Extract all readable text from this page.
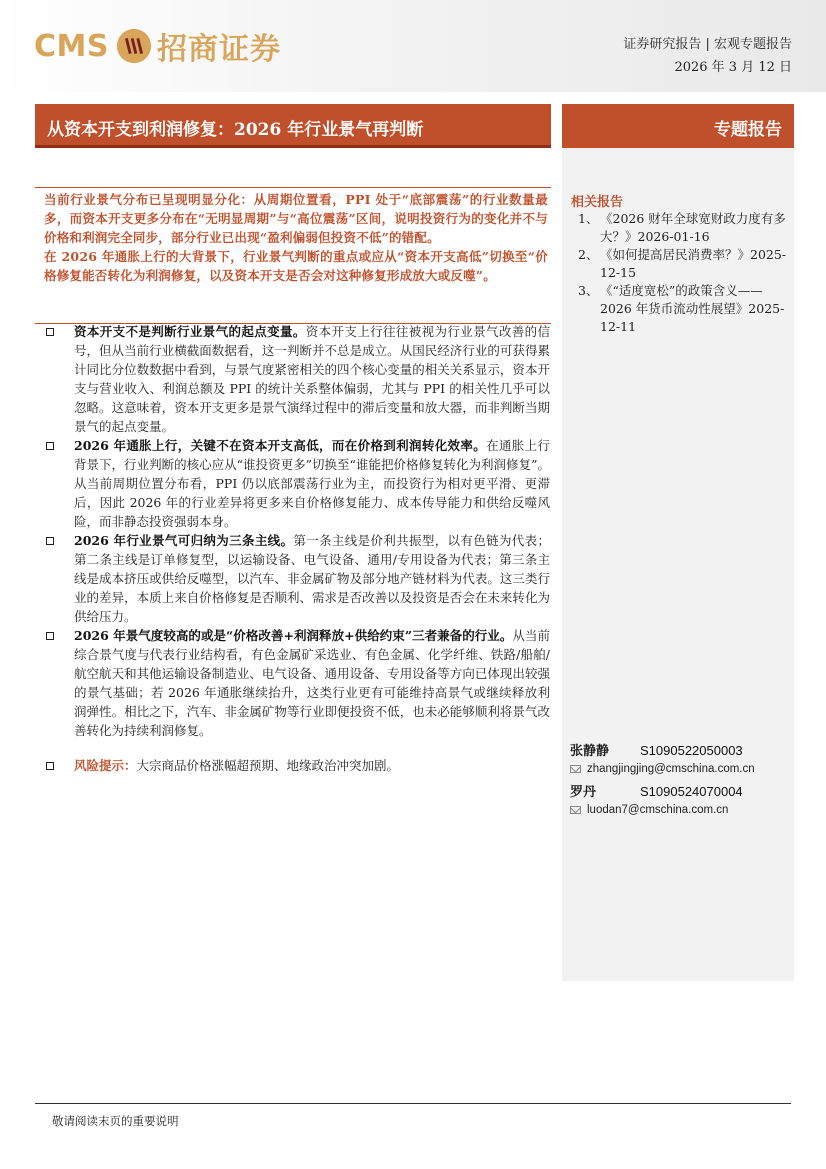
CMS 招商证券	证券研究报告 | 宏观专题报告
2026 年 3 月 12 日
从资本开支到利润修复：2026 年行业景气再判断	专题报告

当前行业景气分布已呈现明显分化：从周期位置看，PPI 处于“底部震荡”的行业数量最多，而资本开支更多分布在“无明显周期”与“高位震荡”区间，说明投资行为的变化并不与价格和利润完全同步，部分行业已出现“盈利偏弱但投资不低”的错配。

在 2026 年通胀上行的大背景下，行业景气判断的重点或应从“资本开支高低”切换至“价格修复能否转化为利润修复，以及资本开支是否会对这种修复形成放大或反噬”。

资本开支不是判断行业景气的起点变量。资本开支上行往往被视为行业景气改善的信号，但从当前行业横截面数据看，这一判断并不总是成立。从国民经济行业的可获得累计同比分位数数据中看到，与景气度紧密相关的四个核心变量的相关关系显示，资本开支与营业收入、利润总额及 PPI 的统计关系整体偏弱，尤其与 PPI 的相关性几乎可以忽略。这意味着，资本开支更多是景气演绎过程中的滞后变量和放大器，而非判断当期景气的起点变量。
2026 年通胀上行，关键不在资本开支高低，而在价格到利润转化效率。在通胀上行背景下，行业判断的核心应从“谁投资更多”切换至“谁能把价格修复转化为利润修复”。从当前周期位置分布看，PPI 仍以底部震荡行业为主，而投资行为相对更平滑、更滞后，因此 2026 年的行业差异将更多来自价格修复能力、成本传导能力和供给反噬风险，而非静态投资强弱本身。
2026 年行业景气可归纳为三条主线。第一条主线是价利共振型，以有色链为代表；第二条主线是订单修复型，以运输设备、电气设备、通用/专用设备为代表；第三条主线是成本挤压或供给反噬型，以汽车、非金属矿物及部分地产链材料为代表。这三类行业的差异，本质上来自价格修复是否顺利、需求是否改善以及投资是否会在未来转化为供给压力。
2026 年景气度较高的或是“价格改善+利润释放+供给约束”三者兼备的行业。从当前综合景气度与代表行业结构看，有色金属矿采选业、有色金属、化学纤维、铁路/船舶/航空航天和其他运输设备制造业、电气设备、通用设备、专用设备等方向已体现出较强的景气基础；若 2026 年通胀继续抬升，这类行业更有可能维持高景气或继续释放利润弹性。相比之下，汽车、非金属矿物等行业即便投资不低，也未必能够顺利将景气改善转化为持续利润修复。
风险提示：大宗商品价格涨幅超预期、地缘政治冲突加剧。
相关报告
1、 《2026 财年全球宽财政力度有多大？》2026-01-16
2、 《如何提高居民消费率？》2025-12-15
3、 《“适度宽松”的政策含义——2026 年货币流动性展望》2025-12-11
张静静	S1090522050003
zhangjingjing@cmschina.com.cn
罗丹	S1090524070004
luodan7@cmschina.com.cn
敬请阅读末页的重要说明
